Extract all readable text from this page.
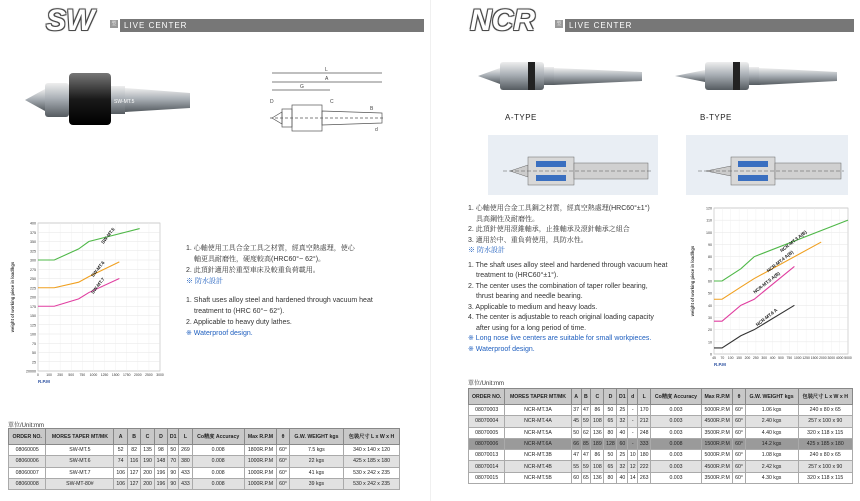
SW	型 LIVE CENTER
SW-MT.5
L
A
G
D	C
B
d
400
375
350
325
300
275
250
225
200
175
150
125
100
75
50
25
20000
0 100 250 500 750 1000 1250 1500 1750 2000 2500 3000
R.P.M
weight of working piece in load/kgs
SW-MT.5
SW-MT.6
SW-MT.7
1. 心軸使用工具合金工具之材質，經真空熱處理，使心
軸更具耐磨性，硬度較高(HRC60°~ 62°)。
2. 此頂針適用於重型車床及較重負荷載用。
※ 防水設計
1. Shaft uses alloy steel and hardened through vacuum heat
treatment to (HRC 60°~ 62°).
2. Applicable to heavy duty lathes.
※ Waterproof design.
單位/Unit:mm
ORDER NO.	MORES TAPER MT/MK	A	B	C	D	D1	L	Co精度 Accuracy	Max R.P.M	θ	G.W. WEIGHT kgs	包裝尺寸 L x W x H
08060005	SW-MT.5	52	82	135	98	50	269	0.008	1800R.P.M	60°	7.5 kgs	340 x 140 x 120
08060006	SW-MT.6	74	116	190	148	70	380	0.008	1000R.P.M	60°	22 kgs	425 x 185 x 180
08060007	SW-MT.7	106	127	200	196	90	433	0.008	1000R.P.M	60°	41 kgs	530 x 242 x 235
08060008	SW-MT-80#	106	127	200	196	90	433	0.008	1000R.P.M	60°	39 kgs	530 x 242 x 235
NCR	型 LIVE CENTER
A-TYPE	B-TYPE
1. 心軸使用合金工具鋼之材質，經真空熱處理(HRC60°±1°)
具高鋼性及耐磨性。
2. 此頂針使用滾錐軸承，止推軸承及滾針軸承之組合
3. 適用於中、重負荷使用，具防水性。
※ 防水設計
1. The shaft uses alloy steel and hardened through vacuum heat
treatment to (HRC60°±1°).
2. The center uses the combination of taper roller bearing,
thrust bearing and needle bearing.
3. Applicable to medium and heavy loads.
4. The center is adjustable to reach original loading capacity
after using for a long period of time.
※ Long nose live centers are suitable for small workpieces.
※ Waterproof design.
120
110
100
90
80
70
60
50
40
30
20
10
0
45 70 100 150 200 250 300 400 500 750 1000 1250 1500 2000 3000 4000 5000
R.P.M
weight of working piece in load/kgs
NCR-MT.3 A(B)
NCR-MT.4 A(B)
NCR-MT.5 A(B)
NCR-MT.6 A
單位/Unit:mm
ORDER NO.	MORES TAPER MT/MK	A	B	C	D	D1	d	L	Co精度 Accuracy	Max R.P.M	θ	G.W. WEIGHT kgs	包裝尺寸 L x W x H
08070003	NCR-MT.3A	37	47	86	50	25	-	170	0.003	5000R.P.M	60°	1.06 kgs	240 x 80 x 65
08070004	NCR-MT.4A	45	59	108	65	32	-	212	0.003	4500R.P.M	60°	2.40 kgs	257 x 100 x 90
08070005	NCR-MT.5A	50	62	136	80	40	-	248	0.003	3500R.P.M	60°	4.40 kgs	320 x 118 x 115
08070006	NCR-MT.6A	66	85	189	128	60	-	333	0.008	1500R.P.M	60°	14.2 kgs	425 x 185 x 180
08070013	NCR-MT.3B	47	47	86	50	25	10	180	0.003	5000R.P.M	60°	1.08 kgs	240 x 80 x 65
08070014	NCR-MT.4B	55	59	108	65	32	12	222	0.003	4500R.P.M	60°	2.42 kgs	257 x 100 x 90
08070015	NCR-MT.5B	60	65	136	80	40	14	263	0.003	3500R.P.M	60°	4.30 kgs	320 x 118 x 115
